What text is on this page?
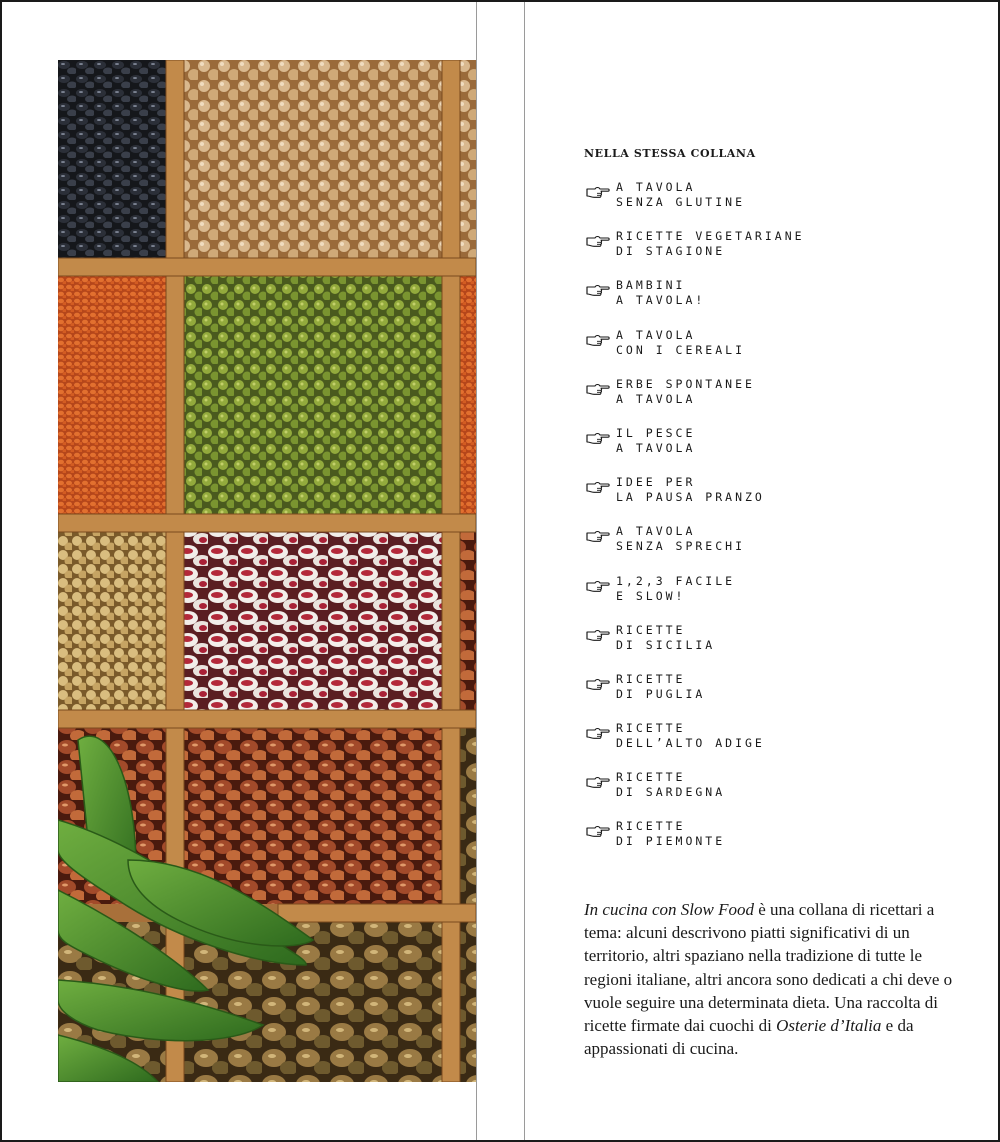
NELLA STESSA COLLANA

A TAVOLA
SENZA GLUTINE

RICETTE VEGETARIANE
DI STAGIONE

BAMBINI
A TAVOLA!

A TAVOLA
CON I CEREALI

ERBE SPONTANEE
A TAVOLA

IL PESCE
A TAVOLA

IDEE PER
LA PAUSA PRANZO

A TAVOLA
SENZA SPRECHI

1,2,3 FACILE
E SLOW!

RICETTE
DI SICILIA

RICETTE
DI PUGLIA

RICETTE
DELL’ALTO ADIGE

RICETTE
DI SARDEGNA

RICETTE
DI PIEMONTE

In cucina con Slow Food è una collana di ricettari a tema: alcuni descrivono piatti significativi di un territorio, altri spaziano nella tradizione di tutte le regioni italiane, altri ancora sono dedicati a chi deve o vuole seguire una determinata dieta. Una raccolta di ricette firmate dai cuochi di Osterie d’Italia e da appassionati di cucina.
